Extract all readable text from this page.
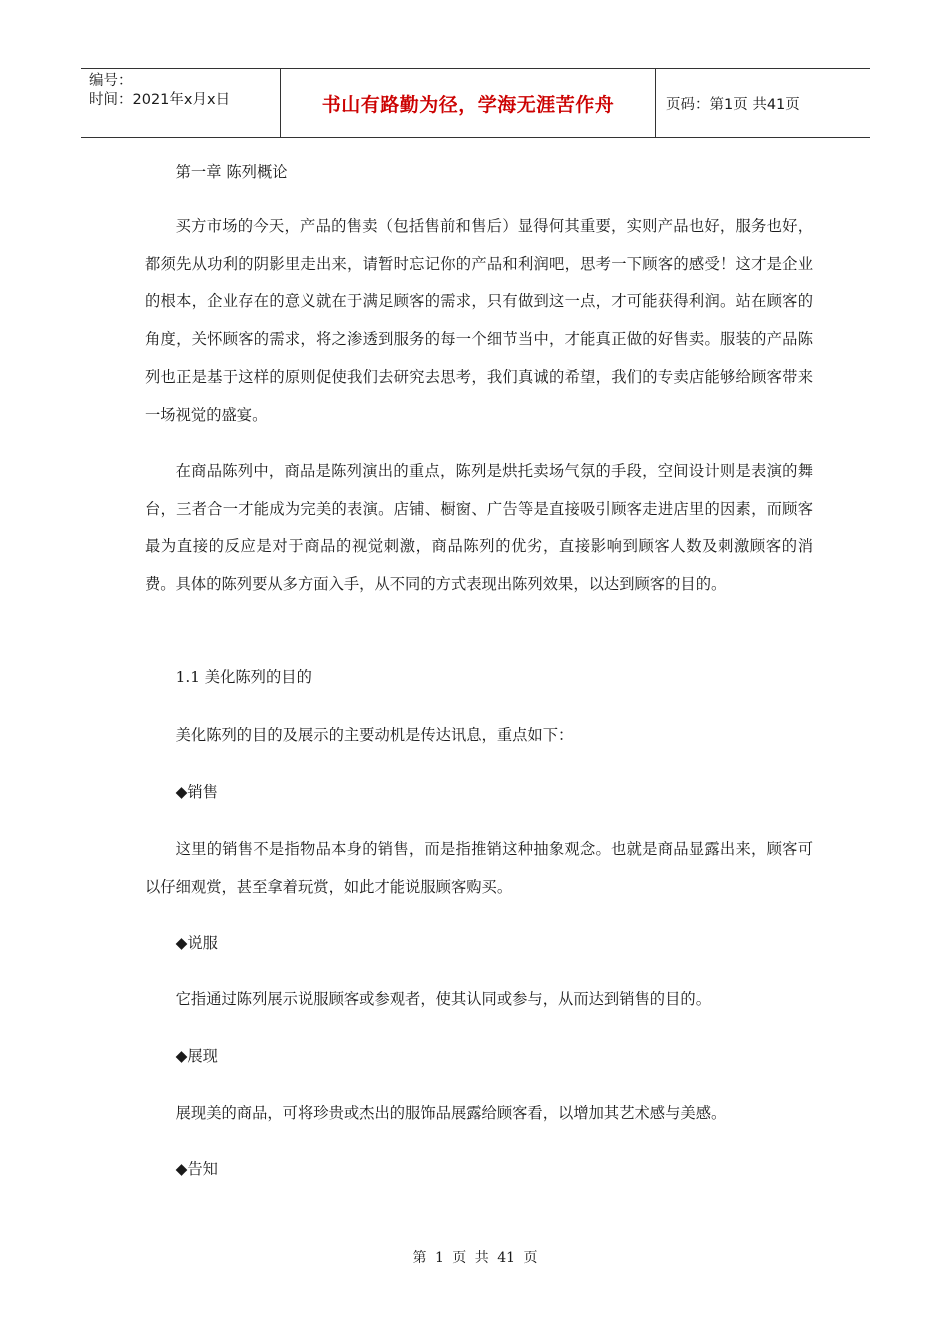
编号：
时间：2021年x月x日	书山有路勤为径，学海无涯苦作舟	页码：第1页 共41页
第一章 陈列概论
买方市场的今天，产品的售卖（包括售前和售后）显得何其重要，实则产品也好，服务也好，都须先从功利的阴影里走出来，请暂时忘记你的产品和利润吧，思考一下顾客的感受！这才是企业的根本，企业存在的意义就在于满足顾客的需求，只有做到这一点，才可能获得利润。站在顾客的角度，关怀顾客的需求，将之渗透到服务的每一个细节当中，才能真正做的好售卖。服装的产品陈列也正是基于这样的原则促使我们去研究去思考，我们真诚的希望，我们的专卖店能够给顾客带来一场视觉的盛宴。
在商品陈列中，商品是陈列演出的重点，陈列是烘托卖场气氛的手段，空间设计则是表演的舞台，三者合一才能成为完美的表演。店铺、橱窗、广告等是直接吸引顾客走进店里的因素，而顾客最为直接的反应是对于商品的视觉刺激，商品陈列的优劣，直接影响到顾客人数及刺激顾客的消费。具体的陈列要从多方面入手，从不同的方式表现出陈列效果，以达到顾客的目的。
1.1 美化陈列的目的
美化陈列的目的及展示的主要动机是传达讯息，重点如下：
◆销售
这里的销售不是指物品本身的销售，而是指推销这种抽象观念。也就是商品显露出来，顾客可以仔细观赏，甚至拿着玩赏，如此才能说服顾客购买。
◆说服
它指通过陈列展示说服顾客或参观者，使其认同或参与，从而达到销售的目的。
◆展现
展现美的商品，可将珍贵或杰出的服饰品展露给顾客看，以增加其艺术感与美感。
◆告知
第 1 页 共 41 页
